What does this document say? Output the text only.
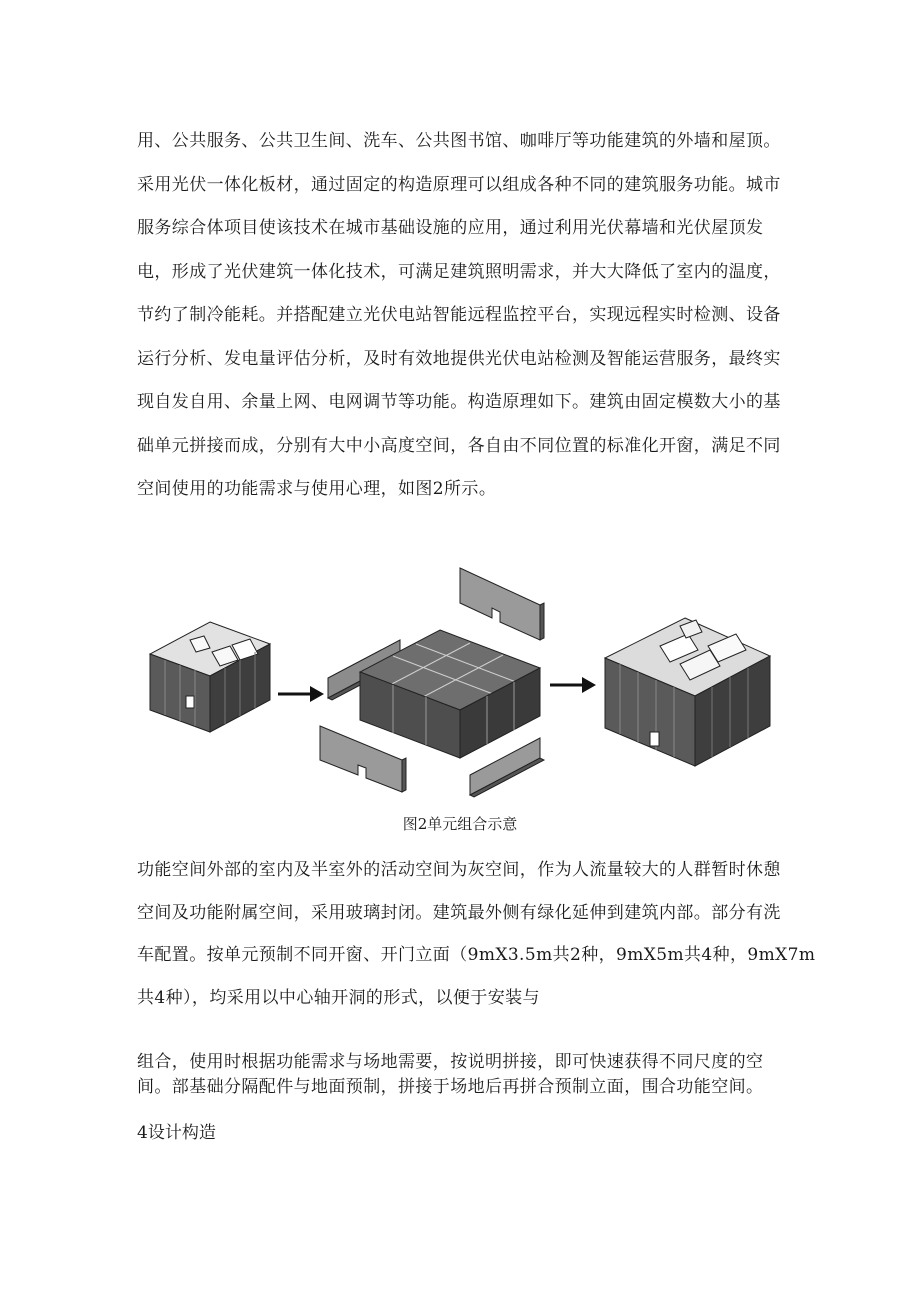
用、公共服务、公共卫生间、洗车、公共图书馆、咖啡厅等功能建筑的外墙和屋顶。
采用光伏一体化板材，通过固定的构造原理可以组成各种不同的建筑服务功能。城市
服务综合体项目使该技术在城市基础设施的应用，通过利用光伏幕墙和光伏屋顶发
电，形成了光伏建筑一体化技术，可满足建筑照明需求，并大大降低了室内的温度，
节约了制冷能耗。并搭配建立光伏电站智能远程监控平台，实现远程实时检测、设备
运行分析、发电量评估分析，及时有效地提供光伏电站检测及智能运营服务，最终实
现自发自用、余量上网、电网调节等功能。构造原理如下。建筑由固定模数大小的基
础单元拼接而成，分别有大中小高度空间，各自由不同位置的标准化开窗，满足不同
空间使用的功能需求与使用心理，如图2所示。
图2单元组合示意
功能空间外部的室内及半室外的活动空间为灰空间，作为人流量较大的人群暂时休憩
空间及功能附属空间，采用玻璃封闭。建筑最外侧有绿化延伸到建筑内部。部分有洗
车配置。按单元预制不同开窗、开门立面（9mX3.5m共2种，9mX5m共4种，9mX7m
共4种），均采用以中心轴开洞的形式，以便于安装与
组合，使用时根据功能需求与场地需要，按说明拼接，即可快速获得不同尺度的空
间。部基础分隔配件与地面预制，拼接于场地后再拼合预制立面，围合功能空间。
4设计构造
